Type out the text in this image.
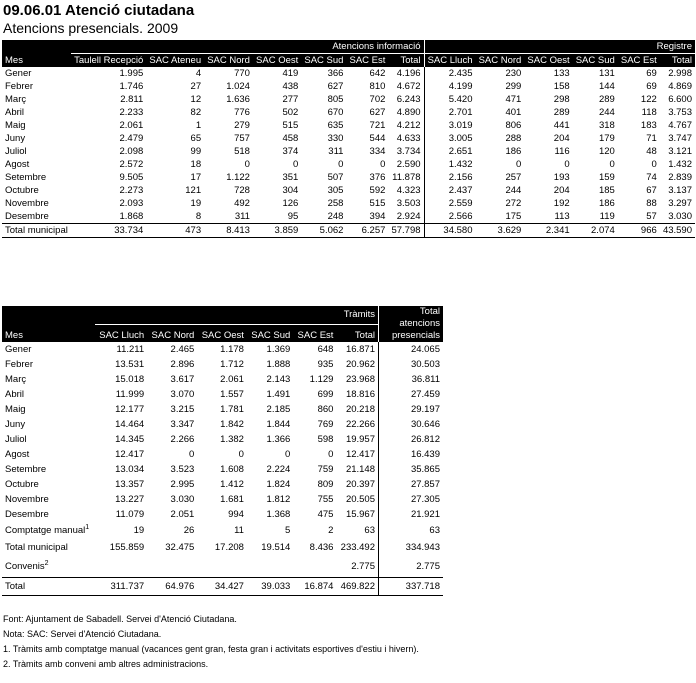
09.06.01 Atenció ciutadana
Atencions presencials. 2009
	Atencions informació							Registre					
Mes	Taulell Recepció	SAC Ateneu	SAC Nord	SAC Oest	SAC Sud	SAC Est	Total	SAC Lluch	SAC Nord	SAC Oest	SAC Sud	SAC Est	Total
Gener	1.995	4	770	419	366	642	4.196	2.435	230	133	131	69	2.998
Febrer	1.746	27	1.024	438	627	810	4.672	4.199	299	158	144	69	4.869
Març	2.811	12	1.636	277	805	702	6.243	5.420	471	298	289	122	6.600
Abril	2.233	82	776	502	670	627	4.890	2.701	401	289	244	118	3.753
Maig	2.061	1	279	515	635	721	4.212	3.019	806	441	318	183	4.767
Juny	2.479	65	757	458	330	544	4.633	3.005	288	204	179	71	3.747
Juliol	2.098	99	518	374	311	334	3.734	2.651	186	116	120	48	3.121
Agost	2.572	18	0	0	0	0	2.590	1.432	0	0	0	0	1.432
Setembre	9.505	17	1.122	351	507	376	11.878	2.156	257	193	159	74	2.839
Octubre	2.273	121	728	304	305	592	4.323	2.437	244	204	185	67	3.137
Novembre	2.093	19	492	126	258	515	3.503	2.559	272	192	186	88	3.297
Desembre	1.868	8	311	95	248	394	2.924	2.566	175	113	119	57	3.030
Total municipal	33.734	473	8.413	3.859	5.062	6.257	57.798	34.580	3.629	2.341	2.074	966	43.590
	Tràmits						Total atencions presencials
Mes	SAC Lluch	SAC Nord	SAC Oest	SAC Sud	SAC Est	Total	
Gener	11.211	2.465	1.178	1.369	648	16.871	24.065
Febrer	13.531	2.896	1.712	1.888	935	20.962	30.503
Març	15.018	3.617	2.061	2.143	1.129	23.968	36.811
Abril	11.999	3.070	1.557	1.491	699	18.816	27.459
Maig	12.177	3.215	1.781	2.185	860	20.218	29.197
Juny	14.464	3.347	1.842	1.844	769	22.266	30.646
Juliol	14.345	2.266	1.382	1.366	598	19.957	26.812
Agost	12.417	0	0	0	0	12.417	16.439
Setembre	13.034	3.523	1.608	2.224	759	21.148	35.865
Octubre	13.357	2.995	1.412	1.824	809	20.397	27.857
Novembre	13.227	3.030	1.681	1.812	755	20.505	27.305
Desembre	11.079	2.051	994	1.368	475	15.967	21.921
Comptatge manual$^1$	19	26	11	5	2	63	63
Total municipal	155.859	32.475	17.208	19.514	8.436	233.492	334.943
Convenis$^2$						2.775	2.775
Total	311.737	64.976	34.427	39.033	16.874	469.822	337.718
Font: Ajuntament de Sabadell. Servei d'Atenció Ciutadana.
Nota: SAC: Servei d'Atenció Ciutadana.
1. Tràmits amb comptatge manual (vacances gent gran, festa gran i activitats esportives d'estiu i hivern).
2. Tràmits amb conveni amb altres administracions.
